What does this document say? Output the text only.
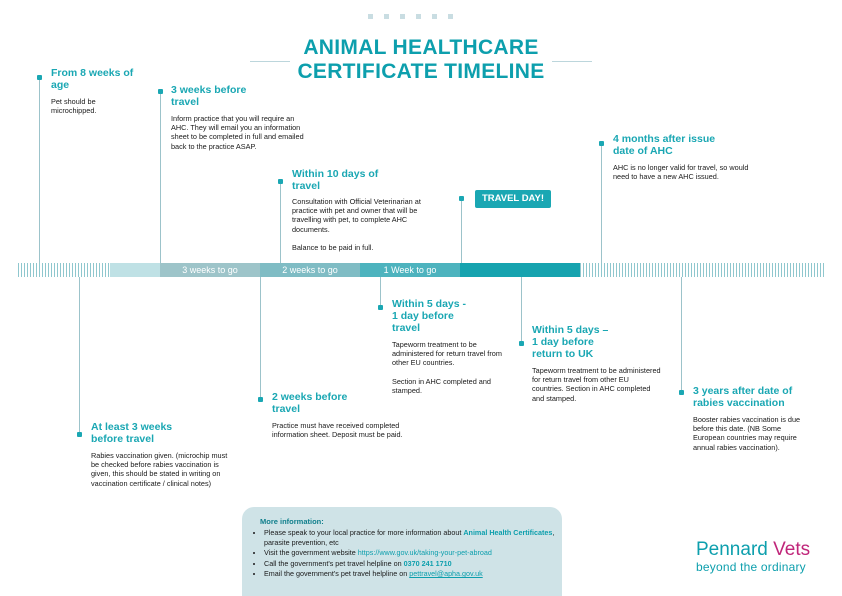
ANIMAL HEALTHCARE
CERTIFICATE TIMELINE
3 weeks to go	2 weeks to go	1 Week to go
From 8 weeks of age

Pet should be microchipped.

3 weeks before travel

Inform practice that you will require an AHC. They will email you an information sheet to be completed in full and emailed back to the practice ASAP.

Within 10 days of travel

Consultation with Official Veterinarian at practice with pet and owner that will be travelling with pet, to complete AHC documents.

Balance to be paid in full.

TRAVEL DAY!
4 months after issue date of AHC

AHC is no longer valid for travel, so would need to have a new AHC issued.

At least 3 weeks before travel

Rabies vaccination given. (microchip must be checked before rabies vaccination is given, this should be stated in writing on vaccination certificate / clinical notes)

2 weeks before travel

Practice must have received completed information sheet. Deposit must be paid.

Within 5 days - 1 day before travel

Tapeworm treatment to be administered for return travel from other EU countries.

Section in AHC completed and stamped.

Within 5 days – 1 day before return to UK

Tapeworm treatment to be administered for return travel from other EU countries. Section in AHC completed and stamped.

3 years after date of rabies vaccination

Booster rabies vaccination is due before this date. (NB Some European countries may require annual rabies vaccination).

More information:
• Please speak to your local practice for more information about Animal Health Certificates, parasite prevention, etc
• Visit the government website https://www.gov.uk/taking-your-pet-abroad
• Call the government's pet travel helpline on 0370 241 1710
• Email the government's pet travel helpline on pettravel@apha.gov.uk
Pennard Vets
beyond the ordinary
